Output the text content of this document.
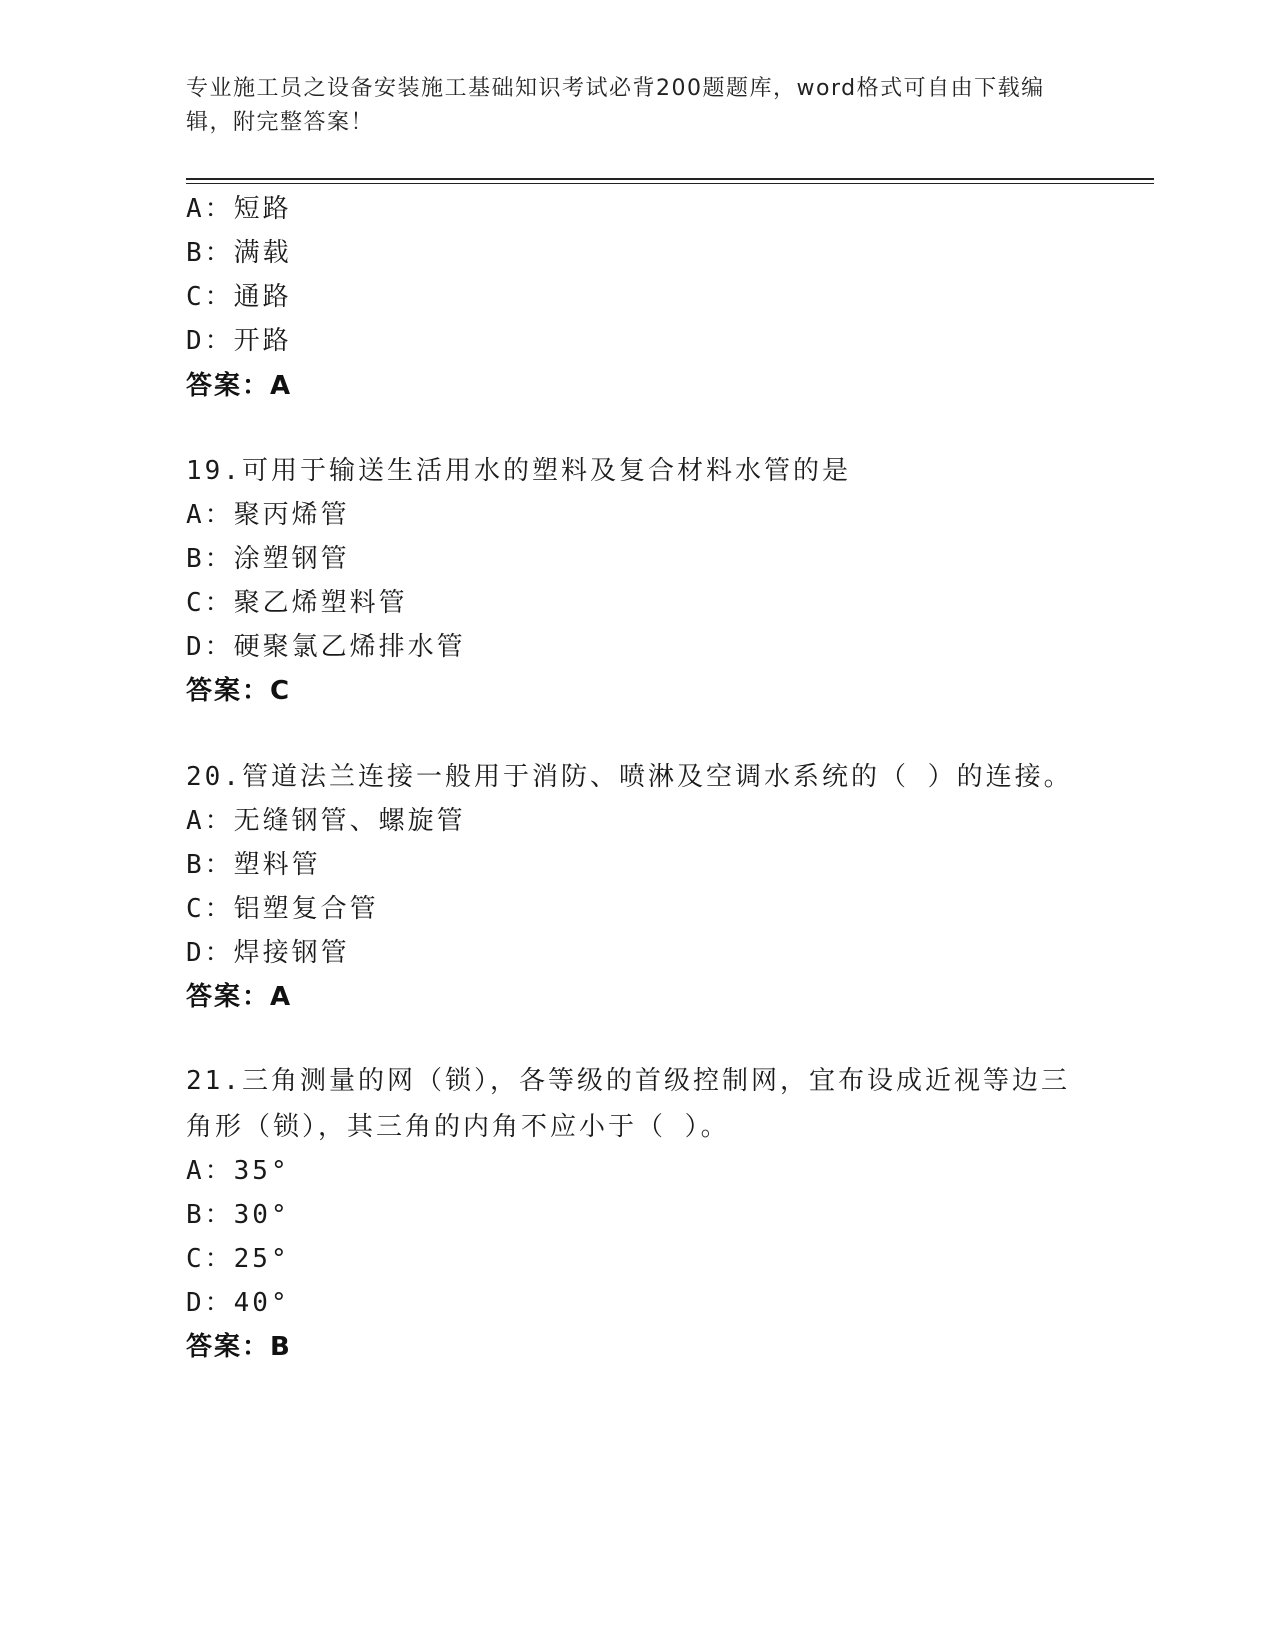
专业施工员之设备安装施工基础知识考试必背200题题库，word格式可自由下载编辑，附完整答案！
A：短路
B：满载
C：通路
D：开路
答案：A
19.可用于输送生活用水的塑料及复合材料水管的是
A：聚丙烯管
B：涂塑钢管
C：聚乙烯塑料管
D：硬聚氯乙烯排水管
答案：C
20.管道法兰连接一般用于消防、喷淋及空调水系统的（ ）的连接。
A：无缝钢管、螺旋管
B：塑料管
C：铝塑复合管
D：焊接钢管
答案：A
21.三角测量的网（锁），各等级的首级控制网，宜布设成近视等边三角形（锁），其三角的内角不应小于（ ）。
A：35°
B：30°
C：25°
D：40°
答案：B
